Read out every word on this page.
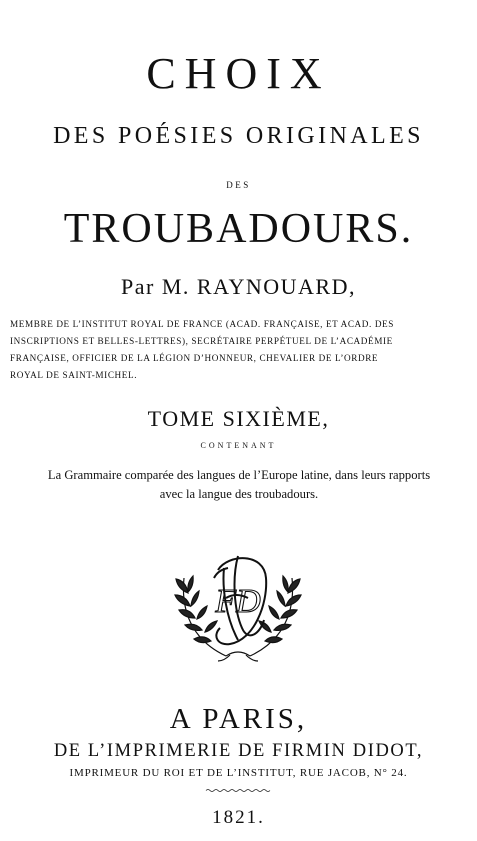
CHOIX
DES POÉSIES ORIGINALES
DES
TROUBADOURS.
Par M. RAYNOUARD,
MEMBRE DE L’INSTITUT ROYAL DE FRANCE (ACAD. FRANÇAISE, ET ACAD. DES
INSCRIPTIONS ET BELLES-LETTRES), SECRÉTAIRE PERPÉTUEL DE L’ACADÉMIE
FRANÇAISE, OFFICIER DE LA LÉGION D’HONNEUR, CHEVALIER DE L’ORDRE
ROYAL DE SAINT-MICHEL.
TOME SIXIÈME,
CONTENANT
La Grammaire comparée des langues de l’Europe latine, dans leurs rapports
avec la langue des troubadours.
FD
A PARIS,
DE L’IMPRIMERIE DE FIRMIN DIDOT,
IMPRIMEUR DU ROI ET DE L’INSTITUT, RUE JACOB, N° 24.
1821.
